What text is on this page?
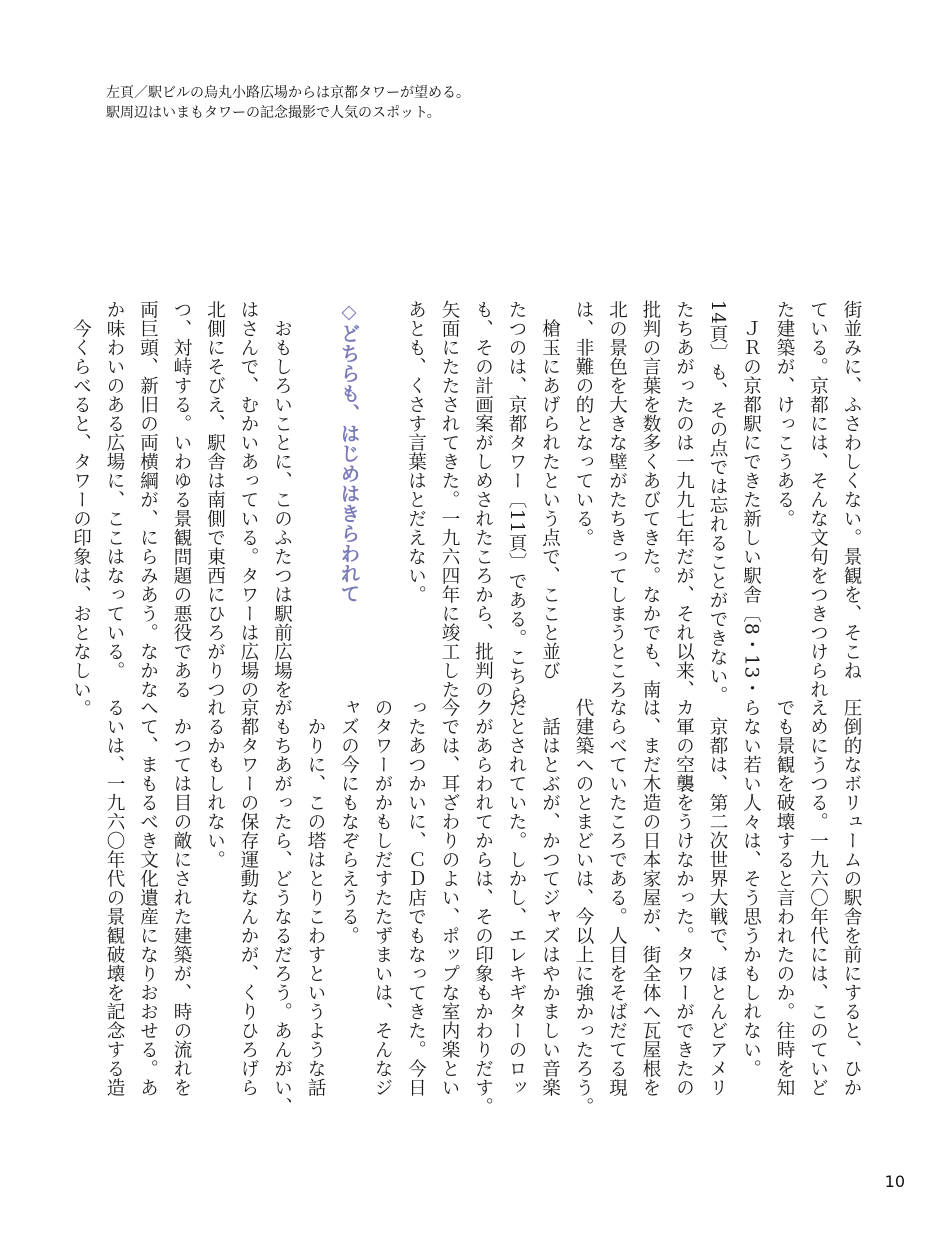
左頁／駅ビルの烏丸小路広場からは京都タワーが望める。
駅周辺はいまもタワーの記念撮影で人気のスポット。
街並みに、ふさわしくない。景観を、そこね
ている。京都には、そんな文句をつきつけられ
た建築が、けっこうある。
ＪＲの京都駅にできた新しい駅舎〔8・13・
14頁〕も、その点では忘れることができない。
たちあがったのは一九九七年だが、それ以来、
批判の言葉を数多くあびてきた。なかでも、南
北の景色を大きな壁がたちきってしまうところ
は、非難の的となっている。
槍玉にあげられたという点で、ここと並び
たつのは、京都タワー〔11頁〕である。こちら
も、その計画案がしめされたころから、批判の
矢面にたたされてきた。一九六四年に竣工した
あとも、くさす言葉はとだえない。

◇どちらも、はじめはきらわれて

おもしろいことに、このふたつは駅前広場を
はさんで、むかいあっている。タワーは広場の
北側にそびえ、駅舎は南側で東西にひろがりつ
つ、対峙する。いわゆる景観問題の悪役である
両巨頭、新旧の両横綱が、にらみあう。なかな
か味わいのある広場に、ここはなっている。
今くらべると、タワーの印象は、おとなしい。
圧倒的なボリュームの駅舎を前にすると、ひか
えめにうつる。一九六〇年代には、このていど
でも景観を破壊すると言われたのか。往時を知
らない若い人々は、そう思うかもしれない。
京都は、第二次世界大戦で、ほとんどアメリ
カ軍の空襲をうけなかった。タワーができたの
は、まだ木造の日本家屋が、街全体へ瓦屋根を
ならべていたころである。人目をそばだてる現
代建築へのとまどいは、今以上に強かったろう。
話はとぶが、かつてジャズはやかましい音楽
だとされていた。しかし、エレキギターのロッ
クがあらわれてからは、その印象もかわりだす。
今では、耳ざわりのよい、ポップな室内楽とい
ったあつかいに、ＣＤ店でもなってきた。今日
のタワーがかもしだすたたずまいは、そんなジ
ャズの今にもなぞらえうる。
かりに、この塔はとりこわすというような話
がもちあがったら、どうなるだろう。あんがい、
京都タワーの保存運動なんかが、くりひろげら
れるかもしれない。
かつては目の敵にされた建築が、時の流れを
へて、まもるべき文化遺産になりおおせる。あ
るいは、一九六〇年代の景観破壊を記念する造
10
